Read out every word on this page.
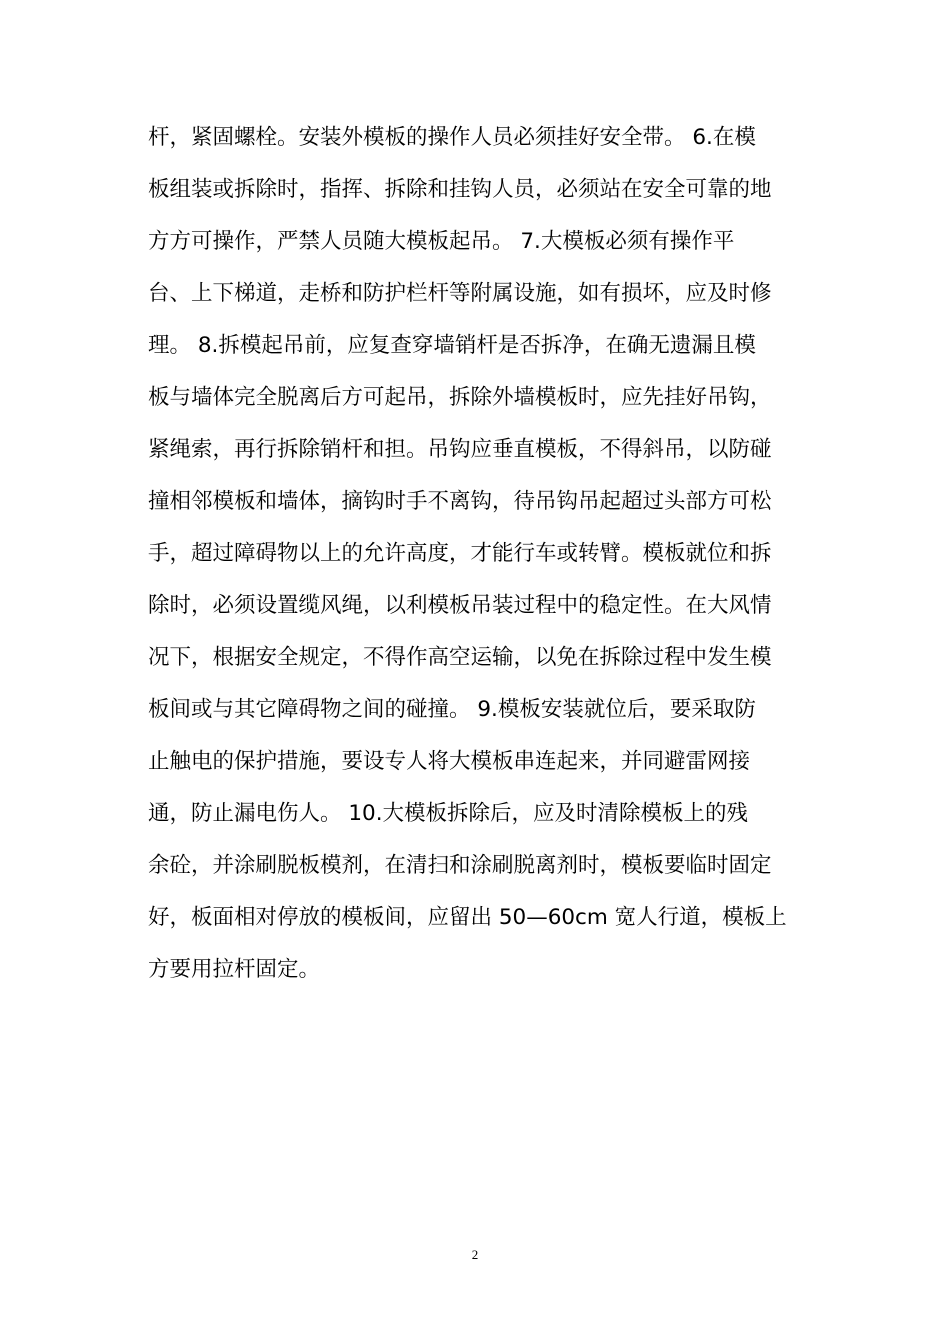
杆，紧固螺栓。安装外模板的操作人员必须挂好安全带。 6.在模
板组装或拆除时，指挥、拆除和挂钩人员，必须站在安全可靠的地
方方可操作，严禁人员随大模板起吊。 7.大模板必须有操作平
台、上下梯道，走桥和防护栏杆等附属设施，如有损坏，应及时修
理。 8.拆模起吊前，应复查穿墙销杆是否拆净，在确无遗漏且模
板与墙体完全脱离后方可起吊，拆除外墙模板时，应先挂好吊钩，
紧绳索，再行拆除销杆和担。吊钩应垂直模板，不得斜吊，以防碰
撞相邻模板和墙体，摘钩时手不离钩，待吊钩吊起超过头部方可松
手，超过障碍物以上的允许高度，才能行车或转臂。模板就位和拆
除时，必须设置缆风绳，以利模板吊装过程中的稳定性。在大风情
况下，根据安全规定，不得作高空运输，以免在拆除过程中发生模
板间或与其它障碍物之间的碰撞。 9.模板安装就位后，要采取防
止触电的保护措施，要设专人将大模板串连起来，并同避雷网接
通，防止漏电伤人。 10.大模板拆除后，应及时清除模板上的残
余砼，并涂刷脱板模剂，在清扫和涂刷脱离剂时，模板要临时固定
好，板面相对停放的模板间，应留出 50—60cm 宽人行道，模板上
方要用拉杆固定。
2
